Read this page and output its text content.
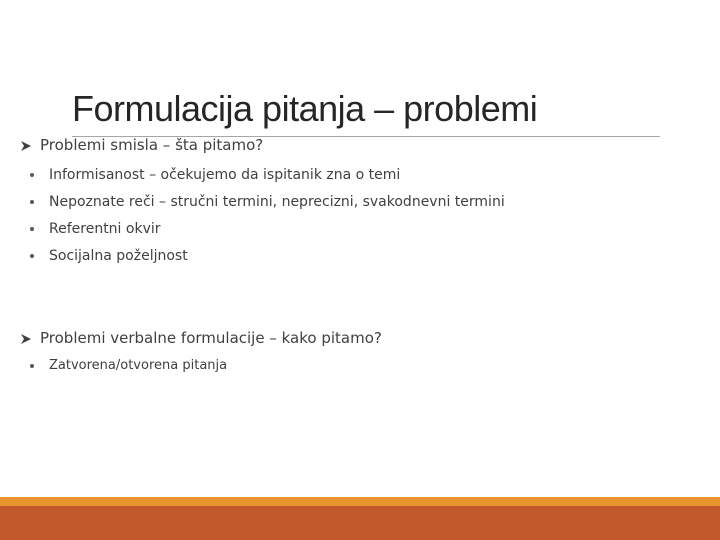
Formulacija pitanja – problemi
Problemi smisla – šta pitamo?
Informisanost – očekujemo da ispitanik zna o temi
Nepoznate reči – stručni termini, neprecizni, svakodnevni termini
Referentni okvir
Socijalna poželjnost
Problemi verbalne formulacije – kako pitamo?
Zatvorena/otvorena pitanja
